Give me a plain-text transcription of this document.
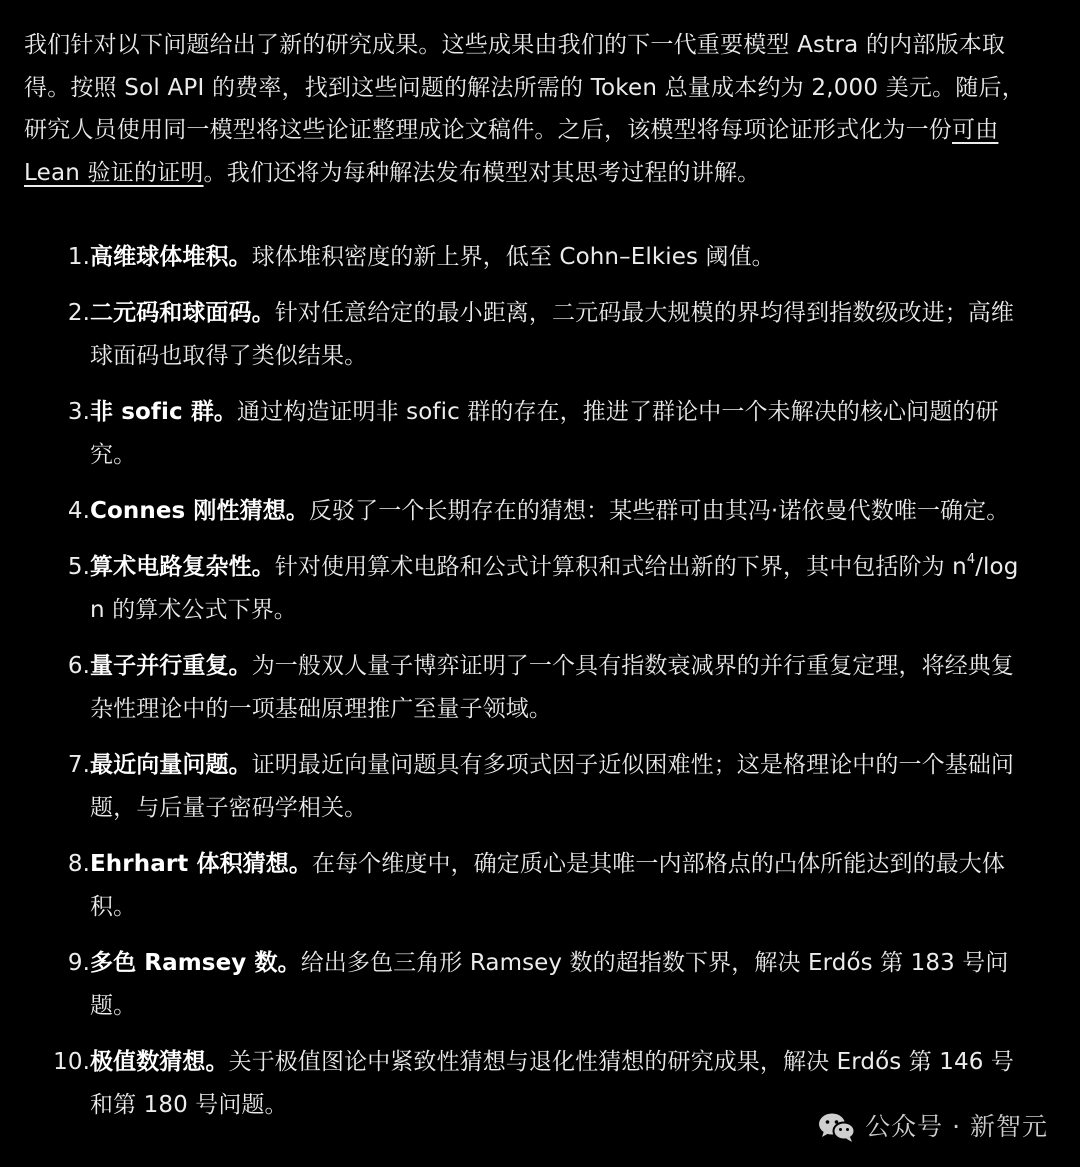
我们针对以下问题给出了新的研究成果。这些成果由我们的下一代重要模型 Astra 的内部版本取得。按照 Sol API 的费率，找到这些问题的解法所需的 Token 总量成本约为 2,000 美元。随后，研究人员使用同一模型将这些论证整理成论文稿件。之后，该模型将每项论证形式化为一份可由 Lean 验证的证明。我们还将为每种解法发布模型对其思考过程的讲解。

1. 高维球体堆积。球体堆积密度的新上界，低至 Cohn–Elkies 阈值。
2. 二元码和球面码。针对任意给定的最小距离，二元码最大规模的界均得到指数级改进；高维球面码也取得了类似结果。
3. 非 sofic 群。通过构造证明非 sofic 群的存在，推进了群论中一个未解决的核心问题的研究。
4. Connes 刚性猜想。反驳了一个长期存在的猜想：某些群可由其冯·诺依曼代数唯一确定。
5. 算术电路复杂性。针对使用算术电路和公式计算积和式给出新的下界，其中包括阶为 $n^4/\log$ n 的算术公式下界。
6. 量子并行重复。为一般双人量子博弈证明了一个具有指数衰减界的并行重复定理，将经典复杂性理论中的一项基础原理推广至量子领域。
7. 最近向量问题。证明最近向量问题具有多项式因子近似困难性；这是格理论中的一个基础问题，与后量子密码学相关。
8. Ehrhart 体积猜想。在每个维度中，确定质心是其唯一内部格点的凸体所能达到的最大体积。
9. 多色 Ramsey 数。给出多色三角形 Ramsey 数的超指数下界，解决 Erdős 第 183 号问题。
10. 极值数猜想。关于极值图论中紧致性猜想与退化性猜想的研究成果，解决 Erdős 第 146 号和第 180 号问题。
公众号 · 新智元
